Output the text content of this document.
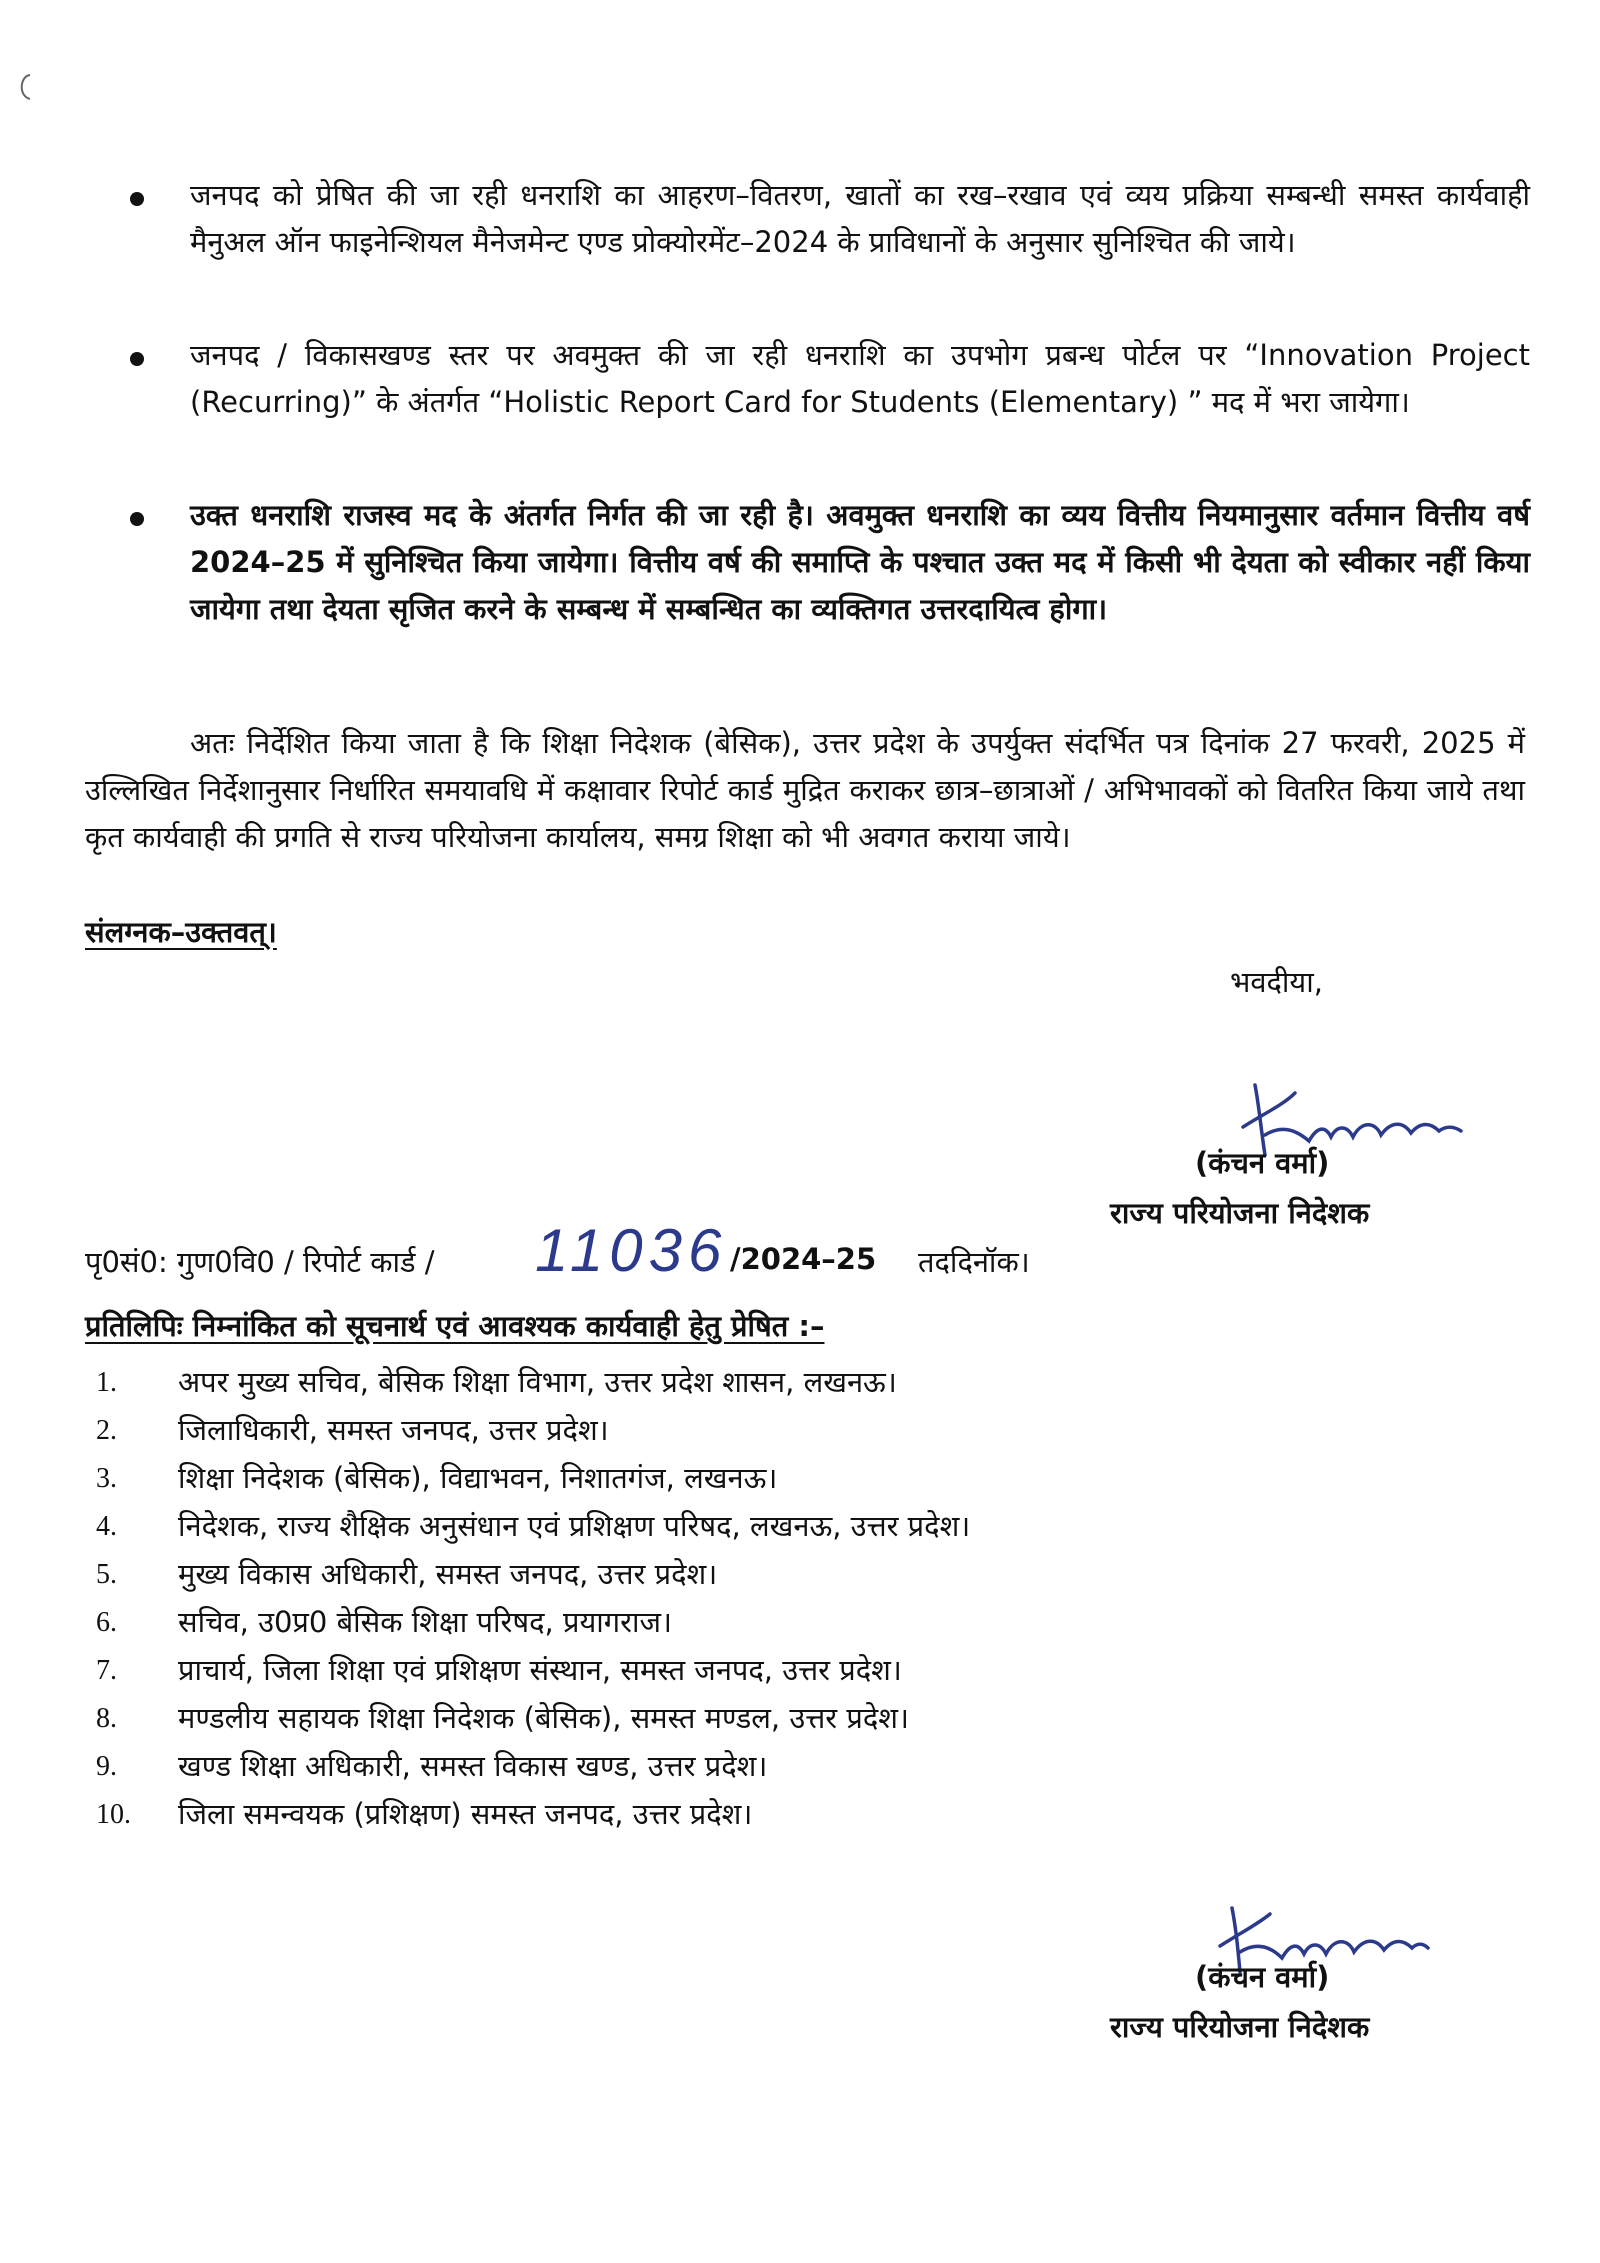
जनपद को प्रेषित की जा रही धनराशि का आहरण–वितरण, खातों का रख–रखाव एवं व्यय प्रक्रिया सम्बन्धी समस्त कार्यवाही मैनुअल ऑन फाइनेन्शियल मैनेजमेन्ट एण्ड प्रोक्योरमेंट–2024 के प्राविधानों के अनुसार सुनिश्चित की जाये।
जनपद / विकासखण्ड स्तर पर अवमुक्त की जा रही धनराशि का उपभोग प्रबन्ध पोर्टल पर “Innovation Project (Recurring)” के अंतर्गत “Holistic Report Card for Students (Elementary) ” मद में भरा जायेगा।
उक्त धनराशि राजस्व मद के अंतर्गत निर्गत की जा रही है। अवमुक्त धनराशि का व्यय वित्तीय नियमानुसार वर्तमान वित्तीय वर्ष 2024–25 में सुनिश्चित किया जायेगा। वित्तीय वर्ष की समाप्ति के पश्चात उक्त मद में किसी भी देयता को स्वीकार नहीं किया जायेगा तथा देयता सृजित करने के सम्बन्ध में सम्बन्धित का व्यक्तिगत उत्तरदायित्व होगा।
अतः निर्देशित किया जाता है कि शिक्षा निदेशक (बेसिक), उत्तर प्रदेश के उपर्युक्त संदर्भित पत्र दिनांक 27 फरवरी, 2025 में उल्लिखित निर्देशानुसार निर्धारित समयावधि में कक्षावार रिपोर्ट कार्ड मुद्रित कराकर छात्र–छात्राओं / अभिभावकों को वितरित किया जाये तथा कृत कार्यवाही की प्रगति से राज्य परियोजना कार्यालय, समग्र शिक्षा को भी अवगत कराया जाये।
संलग्नक–उक्तवत्।
भवदीया,
(कंचन वर्मा)
राज्य परियोजना निदेशक
पृ0सं0: गुण0वि0 / रिपोर्ट कार्ड / 11036 /2024–25 तददिनॉक।
प्रतिलिपिः निम्नांकित को सूचनार्थ एवं आवश्यक कार्यवाही हेतु प्रेषित :–
1.	अपर मुख्य सचिव, बेसिक शिक्षा विभाग, उत्तर प्रदेश शासन, लखनऊ।
2.	जिलाधिकारी, समस्त जनपद, उत्तर प्रदेश।
3.	शिक्षा निदेशक (बेसिक), विद्याभवन, निशातगंज, लखनऊ।
4.	निदेशक, राज्य शैक्षिक अनुसंधान एवं प्रशिक्षण परिषद, लखनऊ, उत्तर प्रदेश।
5.	मुख्य विकास अधिकारी, समस्त जनपद, उत्तर प्रदेश।
6.	सचिव, उ0प्र0 बेसिक शिक्षा परिषद, प्रयागराज।
7.	प्राचार्य, जिला शिक्षा एवं प्रशिक्षण संस्थान, समस्त जनपद, उत्तर प्रदेश।
8.	मण्डलीय सहायक शिक्षा निदेशक (बेसिक), समस्त मण्डल, उत्तर प्रदेश।
9.	खण्ड शिक्षा अधिकारी, समस्त विकास खण्ड, उत्तर प्रदेश।
10.	जिला समन्वयक (प्रशिक्षण) समस्त जनपद, उत्तर प्रदेश।
(कंचन वर्मा)
राज्य परियोजना निदेशक
